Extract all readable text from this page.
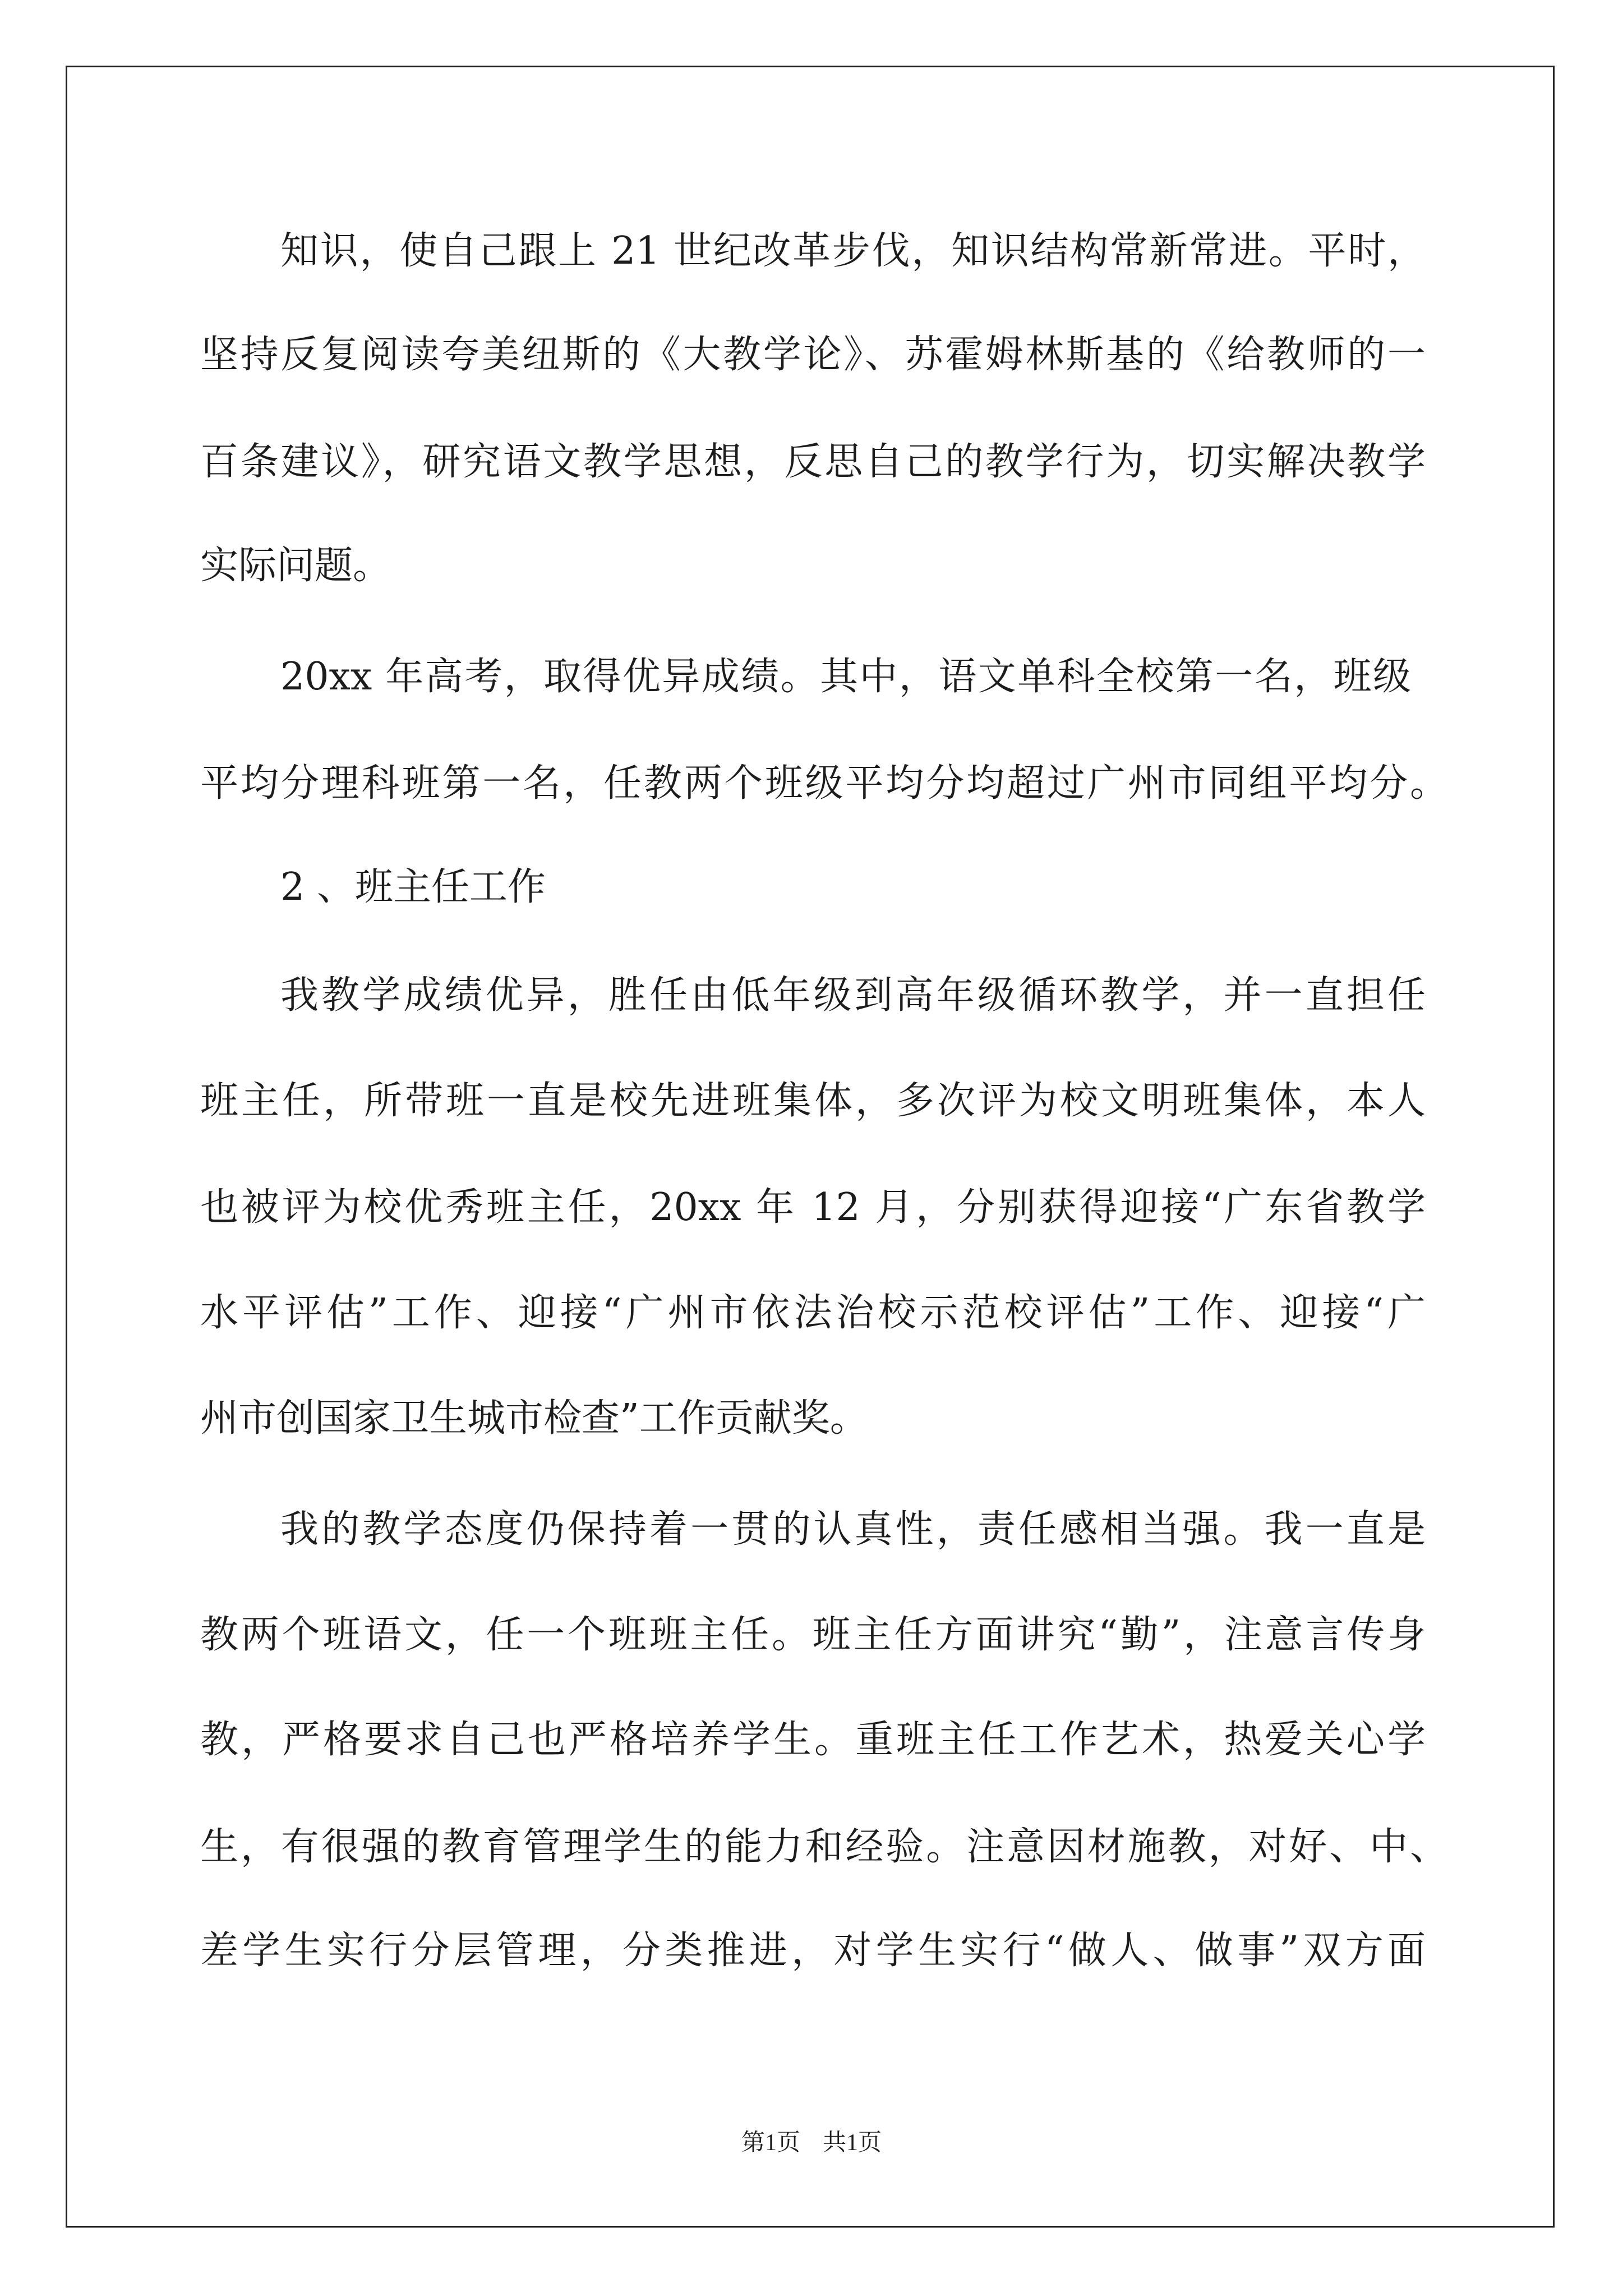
知识，使自己跟上 21 世纪改革步伐，知识结构常新常进。平时，
坚持反复阅读夸美纽斯的《大教学论》、苏霍姆林斯基的《给教师的一
百条建议》，研究语文教学思想，反思自己的教学行为，切实解决教学
实际问题。
20xx 年高考，取得优异成绩。其中，语文单科全校第一名，班级
平均分理科班第一名，任教两个班级平均分均超过广州市同组平均分。
2 、班主任工作
我教学成绩优异，胜任由低年级到高年级循环教学，并一直担任
班主任，所带班一直是校先进班集体，多次评为校文明班集体，本人
也被评为校优秀班主任，20xx 年 12 月，分别获得迎接“广东省教学
水平评估”工作、迎接“广州市依法治校示范校评估”工作、迎接“广
州市创国家卫生城市检查”工作贡献奖。
我的教学态度仍保持着一贯的认真性，责任感相当强。我一直是
教两个班语文，任一个班班主任。班主任方面讲究“勤”，注意言传身
教，严格要求自己也严格培养学生。重班主任工作艺术，热爱关心学
生，有很强的教育管理学生的能力和经验。注意因材施教，对好、中、
差学生实行分层管理，分类推进，对学生实行“做人、做事”双方面
第1页 共1页
